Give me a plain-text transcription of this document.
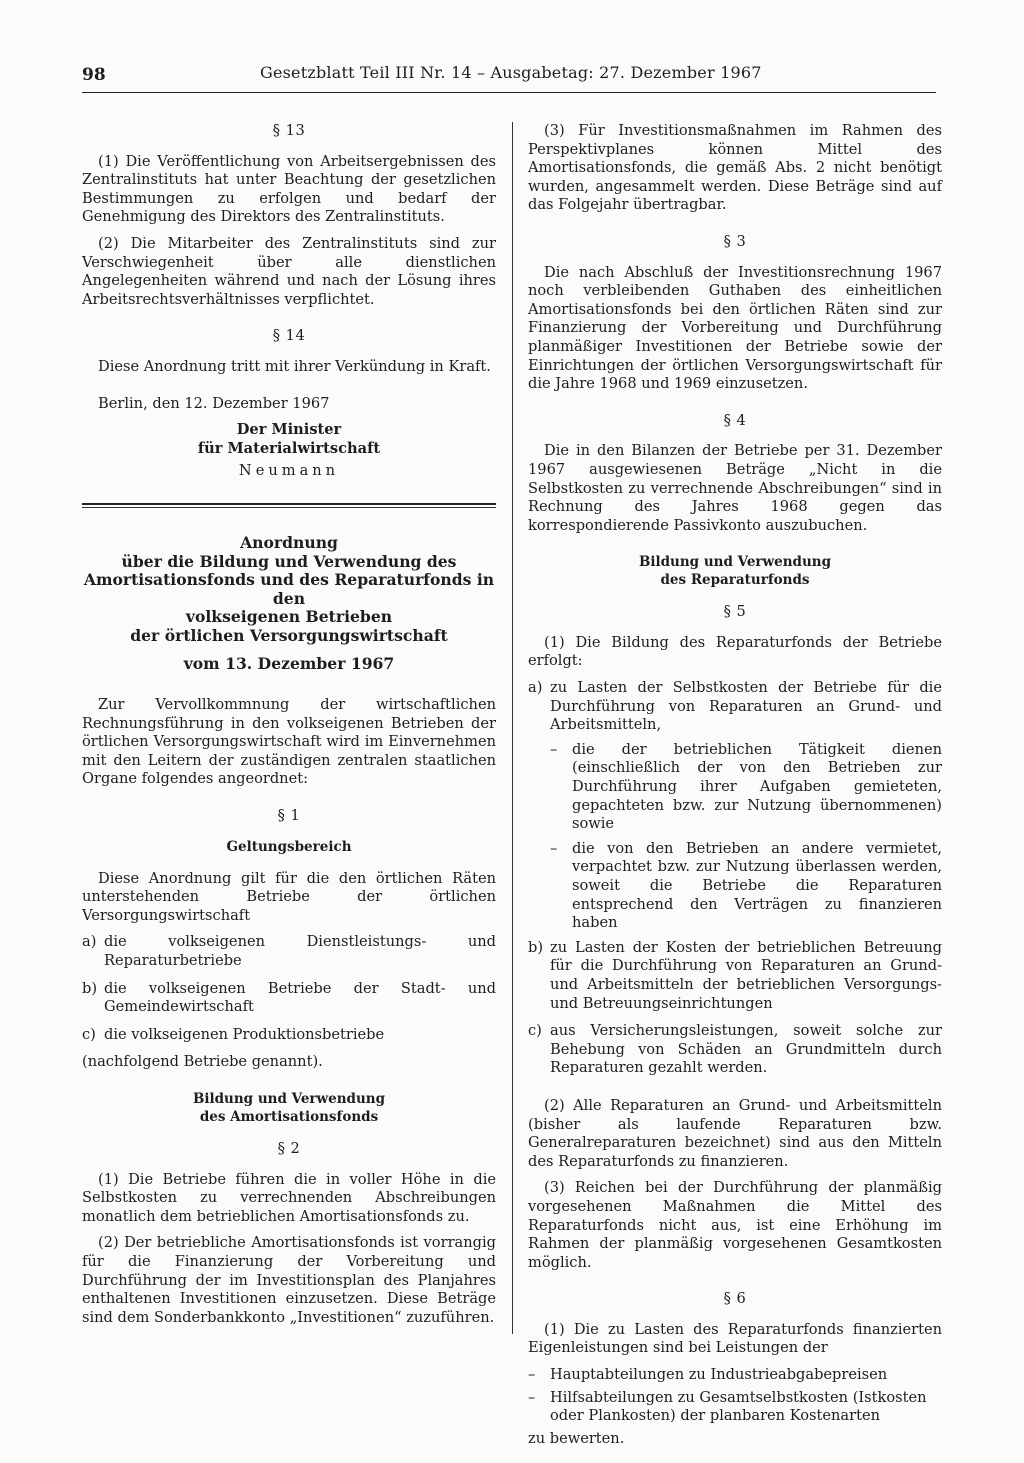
98	Gesetzblatt Teil III Nr. 14 – Ausgabetag: 27. Dezember 1967
§ 13

(1) Die Veröffentlichung von Arbeitsergebnissen des Zentralinstituts hat unter Beachtung der gesetzlichen Bestimmungen zu erfolgen und bedarf der Genehmigung des Direktors des Zentralinstituts.

(2) Die Mitarbeiter des Zentralinstituts sind zur Verschwiegenheit über alle dienstlichen Angelegenheiten während und nach der Lösung ihres Arbeitsrechtsverhältnisses verpflichtet.

§ 14

Diese Anordnung tritt mit ihrer Verkündung in Kraft.

Berlin, den 12. Dezember 1967

Der Minister
für Materialwirtschaft
Neumann
Anordnung
über die Bildung und Verwendung des
Amortisationsfonds und des Reparaturfonds in den
volkseigenen Betrieben
der örtlichen Versorgungswirtschaft
vom 13. Dezember 1967

Zur Vervollkommnung der wirtschaftlichen Rechnungsführung in den volkseigenen Betrieben der örtlichen Versorgungswirtschaft wird im Einvernehmen mit den Leitern der zuständigen zentralen staatlichen Organe folgendes angeordnet:

§ 1
Geltungsbereich

Diese Anordnung gilt für die den örtlichen Räten unterstehenden Betriebe der örtlichen Versorgungswirtschaft

a) die volkseigenen Dienstleistungs- und Reparaturbetriebe
b) die volkseigenen Betriebe der Stadt- und Gemeindewirtschaft
c) die volkseigenen Produktionsbetriebe

(nachfolgend Betriebe genannt).

Bildung und Verwendung
des Amortisationsfonds
§ 2

(1) Die Betriebe führen die in voller Höhe in die Selbstkosten zu verrechnenden Abschreibungen monatlich dem betrieblichen Amortisationsfonds zu.

(2) Der betriebliche Amortisationsfonds ist vorrangig für die Finanzierung der Vorbereitung und Durchführung der im Investitionsplan des Planjahres enthaltenen Investitionen einzusetzen. Diese Beträge sind dem Sonderbankkonto „Investitionen“ zuzuführen.

(3) Für Investitionsmaßnahmen im Rahmen des Perspektivplanes können Mittel des Amortisationsfonds, die gemäß Abs. 2 nicht benötigt wurden, angesammelt werden. Diese Beträge sind auf das Folgejahr übertragbar.

§ 3

Die nach Abschluß der Investitionsrechnung 1967 noch verbleibenden Guthaben des einheitlichen Amortisationsfonds bei den örtlichen Räten sind zur Finanzierung der Vorbereitung und Durchführung planmäßiger Investitionen der Betriebe sowie der Einrichtungen der örtlichen Versorgungswirtschaft für die Jahre 1968 und 1969 einzusetzen.

§ 4

Die in den Bilanzen der Betriebe per 31. Dezember 1967 ausgewiesenen Beträge „Nicht in die Selbstkosten zu verrechnende Abschreibungen“ sind in Rechnung des Jahres 1968 gegen das korrespondierende Passivkonto auszubuchen.

Bildung und Verwendung
des Reparaturfonds
§ 5

(1) Die Bildung des Reparaturfonds der Betriebe erfolgt:

a) zu Lasten der Selbstkosten der Betriebe für die Durchführung von Reparaturen an Grund- und Arbeitsmitteln,
–	die der betrieblichen Tätigkeit dienen (einschließlich der von den Betrieben zur Durchführung ihrer Aufgaben gemieteten, gepachteten bzw. zur Nutzung übernommenen) sowie
–	die von den Betrieben an andere vermietet, verpachtet bzw. zur Nutzung überlassen werden, soweit die Betriebe die Reparaturen entsprechend den Verträgen zu finanzieren haben
b) zu Lasten der Kosten der betrieblichen Betreuung für die Durchführung von Reparaturen an Grund- und Arbeitsmitteln der betrieblichen Versorgungs- und Betreuungseinrichtungen
c) aus Versicherungsleistungen, soweit solche zur Behebung von Schäden an Grundmitteln durch Reparaturen gezahlt werden.

(2) Alle Reparaturen an Grund- und Arbeitsmitteln (bisher als laufende Reparaturen bzw. Generalreparaturen bezeichnet) sind aus den Mitteln des Reparaturfonds zu finanzieren.

(3) Reichen bei der Durchführung der planmäßig vorgesehenen Maßnahmen die Mittel des Reparaturfonds nicht aus, ist eine Erhöhung im Rahmen der planmäßig vorgesehenen Gesamtkosten möglich.

§ 6

(1) Die zu Lasten des Reparaturfonds finanzierten Eigenleistungen sind bei Leistungen der

–	Hauptabteilungen zu Industrieabgabepreisen
–	Hilfsabteilungen zu Gesamtselbstkosten (Istkosten oder Plankosten) der planbaren Kostenarten

zu bewerten.
